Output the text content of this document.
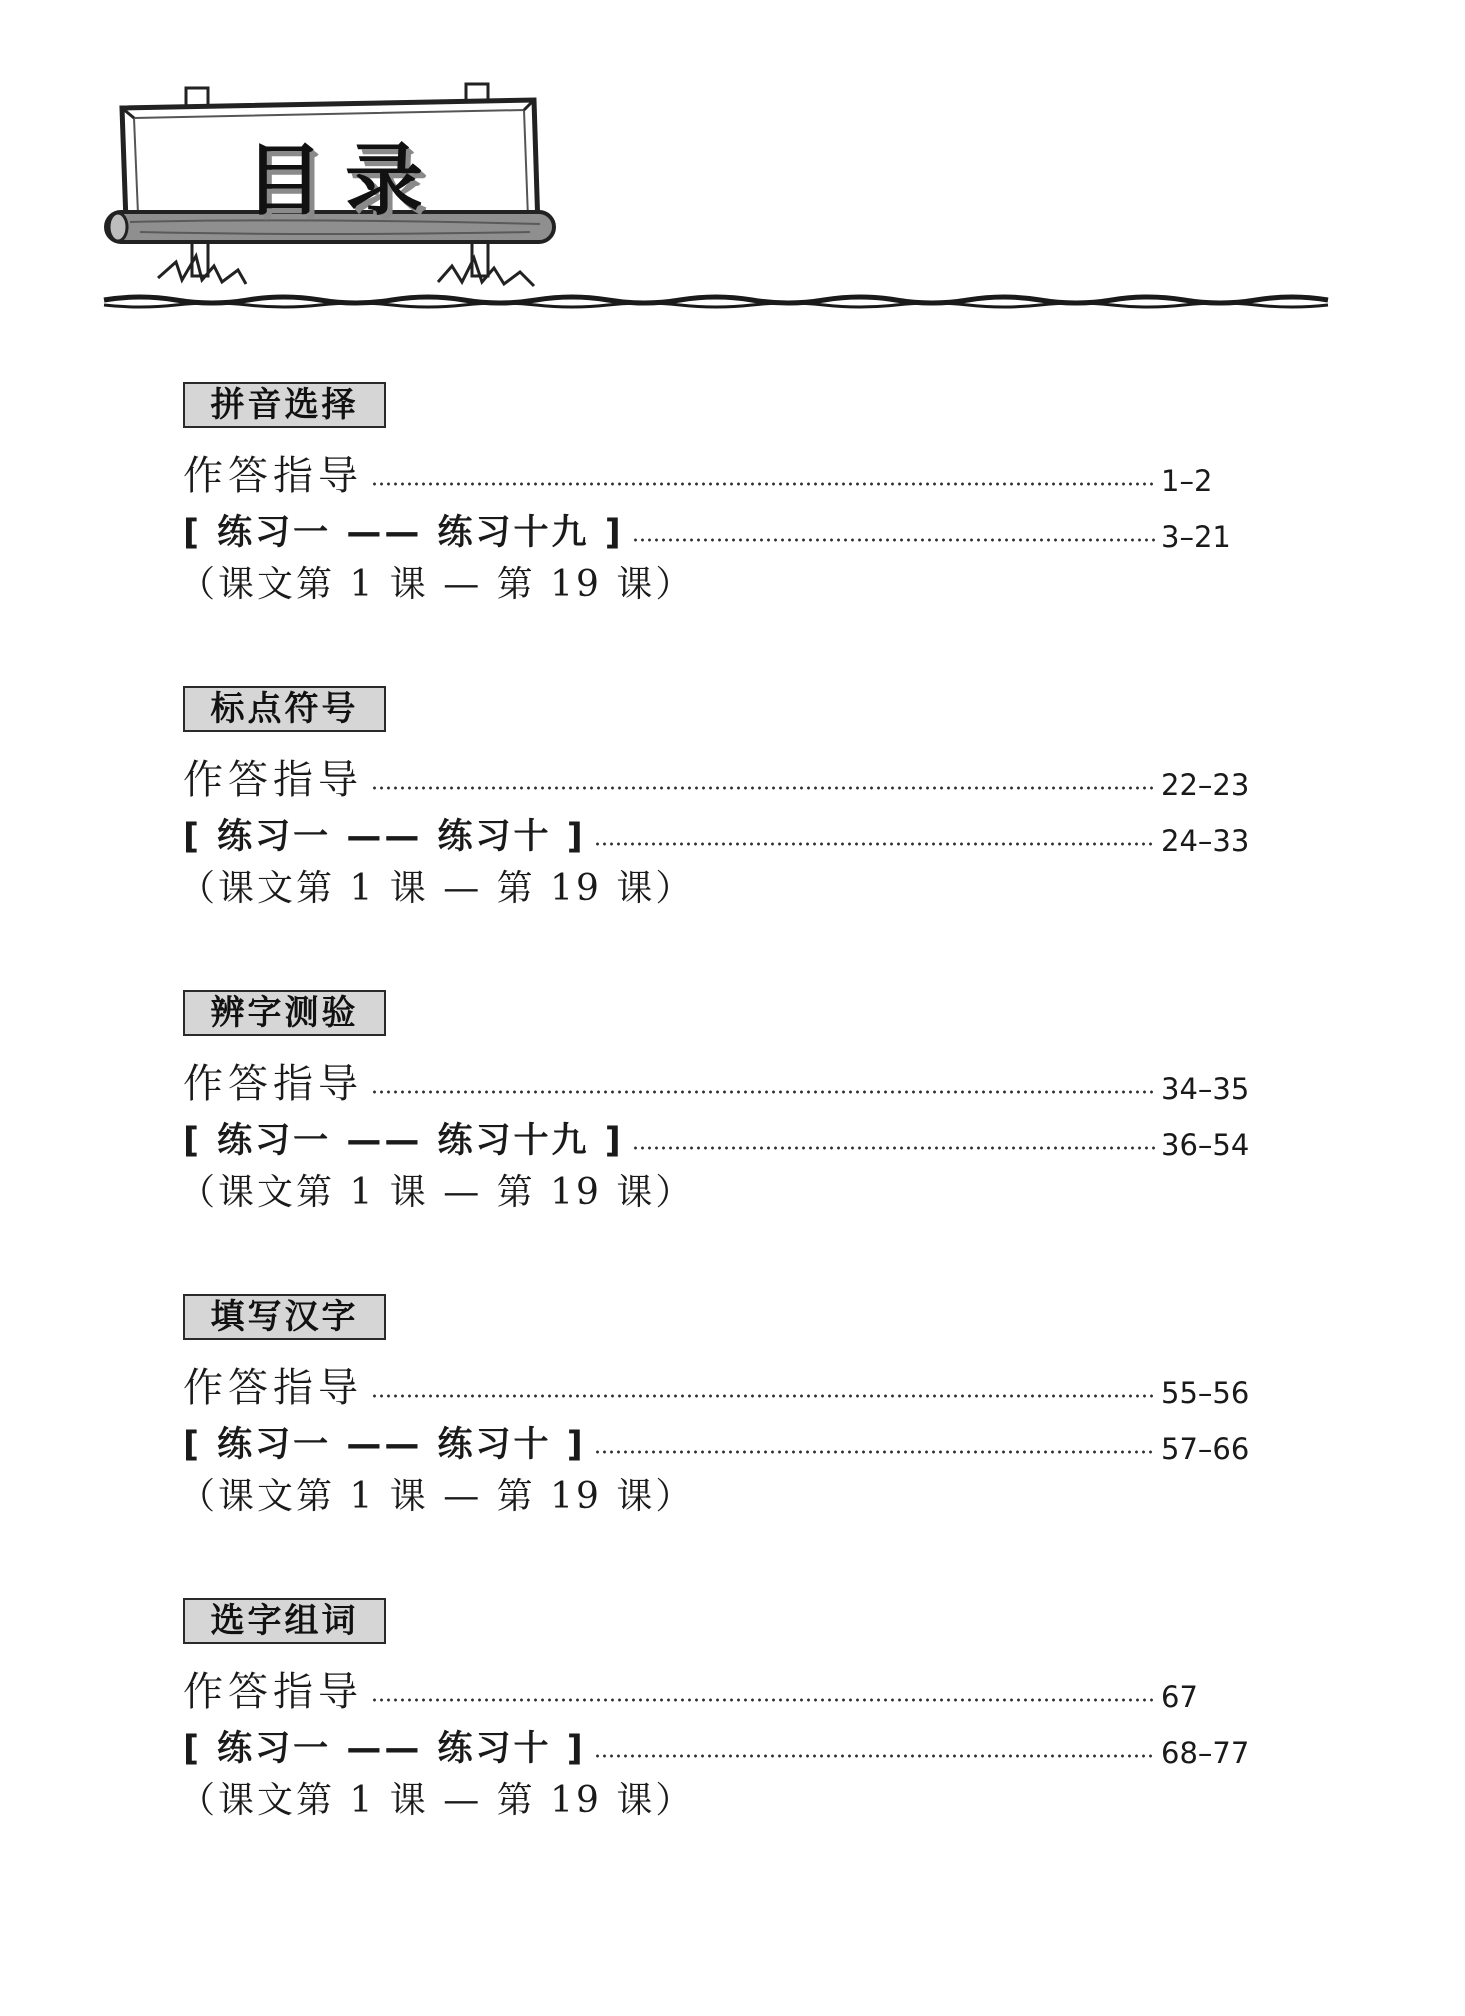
目录
拼音选择
作答指导	1–2
[ 练习一 —— 练习十九 ]	3–21
（课文第 1 课 — 第 19 课）
标点符号
作答指导	22–23
[ 练习一 —— 练习十 ]	24–33
（课文第 1 课 — 第 19 课）
辨字测验
作答指导	34–35
[ 练习一 —— 练习十九 ]	36–54
（课文第 1 课 — 第 19 课）
填写汉字
作答指导	55–56
[ 练习一 —— 练习十 ]	57–66
（课文第 1 课 — 第 19 课）
选字组词
作答指导	67
[ 练习一 —— 练习十 ]	68–77
（课文第 1 课 — 第 19 课）
